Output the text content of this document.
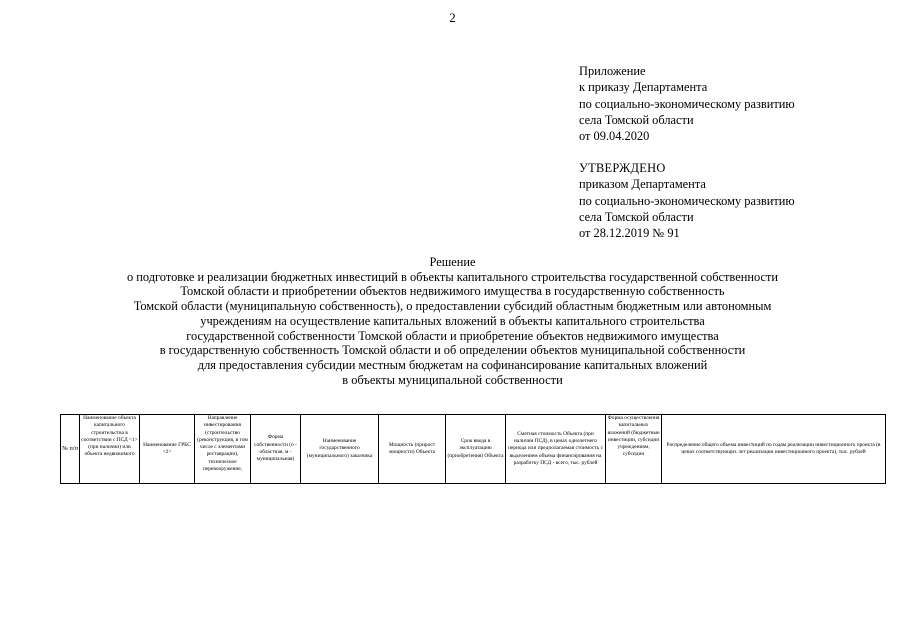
2
Приложение
к приказу Департамента
по социально-экономическому развитию
села Томской области
от 09.04.2020
УТВЕРЖДЕНО
приказом Департамента
по социально-экономическому развитию
села Томской области
от 28.12.2019 № 91
Решение
о подготовке и реализации бюджетных инвестиций в объекты капитального строительства государственной собственности
Томской области и приобретении объектов недвижимого имущества в государственную собственность
Томской области (муниципальную собственность), о предоставлении субсидий областным бюджетным или автономным
учреждениям на осуществление капитальных вложений в объекты капитального строительства
государственной собственности Томской области и приобретение объектов недвижимого имущества
в государственную собственность Томской области и об определении объектов муниципальной собственности
для предоставления субсидии местным бюджетам на софинансирование капитальных вложений
в объекты муниципальной собственности
№ п/п	Наименование объекта капитального строительства в соответствии с ПСД <1> (при наличии) или объекта недвижимого	Наименование ГРБС <2>	Направление инвестирования (строительство (реконструкция, в том числе с элементами реставрации), техническое перевооружение,	Форма собственности (о - областная, м - муниципальная)	Наименование государственного (муниципального) заказчика	Мощность (прирост мощности) Объекта	Срок ввода в эксплуатацию (приобретения) Объекта	Сметная стоимость Объекта (при наличии ПСД), в ценах однолетнего периода или предполагаемая стоимость с выделением объема финансирования на разработку ПСД - всего, тыс. рублей	Форма осуществления капитальных вложений (бюджетные инвестиции, субсидии учреждениям, субсидии	Распределение общего объема инвестиций по годам реализации инвестиционного проекта (в ценах соответствующих лет реализации инвестиционного проекта), тыс. рублей
